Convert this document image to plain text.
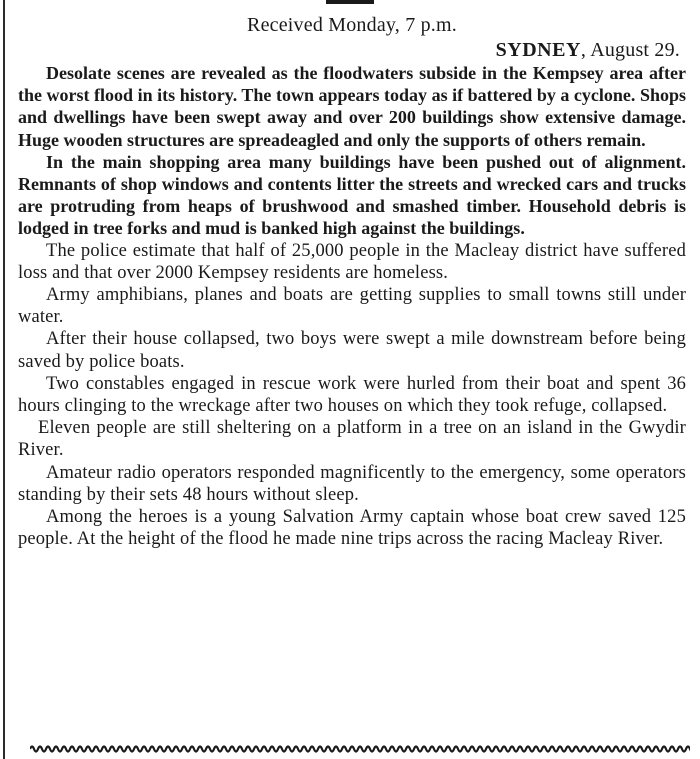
Received Monday, 7 p.m.

SYDNEY, August 29.

Desolate scenes are revealed as the floodwaters subside in the Kempsey area after the worst flood in its history. The town appears today as if battered by a cyclone. Shops and dwellings have been swept away and over 200 buildings show extensive damage. Huge wooden structures are spreadeagled and only the supports of others remain.

In the main shopping area many buildings have been pushed out of alignment. Remnants of shop windows and contents litter the streets and wrecked cars and trucks are protruding from heaps of brushwood and smashed timber. Household debris is lodged in tree forks and mud is banked high against the buildings.

The police estimate that half of 25,000 people in the Macleay district have suffered loss and that over 2000 Kempsey residents are homeless.

Army amphibians, planes and boats are getting supplies to small towns still under water.

After their house collapsed, two boys were swept a mile downstream before being saved by police boats.

Two constables engaged in rescue work were hurled from their boat and spent 36 hours clinging to the wreckage after two houses on which they took refuge, collapsed.

Eleven people are still sheltering on a platform in a tree on an island in the Gwydir River.

Amateur radio operators responded magnificently to the emergency, some operators standing by their sets 48 hours without sleep.

Among the heroes is a young Salvation Army captain whose boat crew saved 125 people. At the height of the flood he made nine trips across the racing Macleay River.
